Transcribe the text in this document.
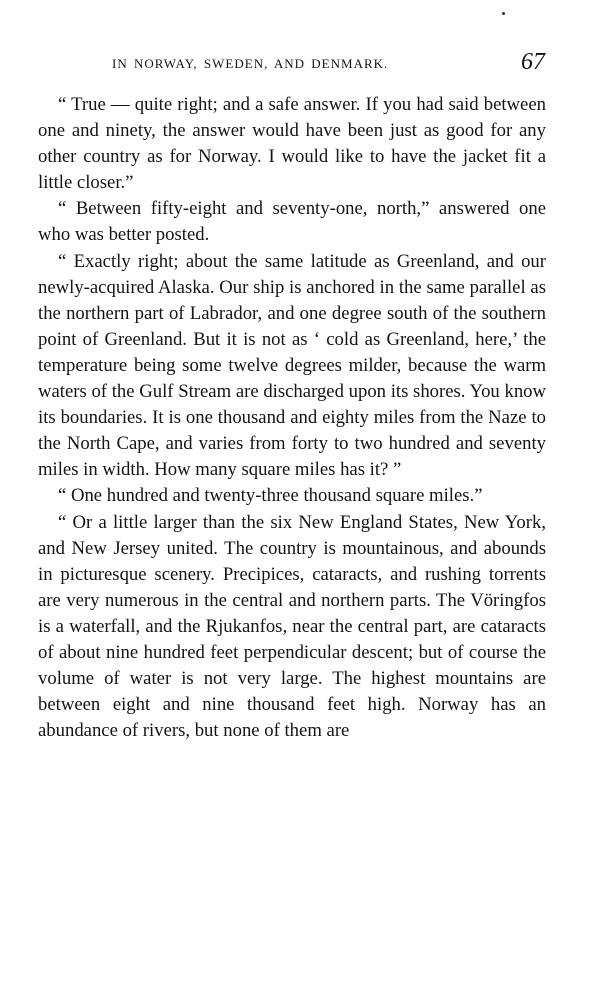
IN NORWAY, SWEDEN, AND DENMARK.	67

“ True — quite right; and a safe answer. If you had said between one and ninety, the answer would have been just as good for any other country as for Norway. I would like to have the jacket fit a little closer.”

“ Between fifty-eight and seventy-one, north,” answered one who was better posted.

“ Exactly right; about the same latitude as Greenland, and our newly-acquired Alaska. Our ship is anchored in the same parallel as the northern part of Labrador, and one degree south of the southern point of Greenland. But it is not as ‘ cold as Greenland, here,’ the temperature being some twelve degrees milder, because the warm waters of the Gulf Stream are discharged upon its shores. You know its boundaries. It is one thousand and eighty miles from the Naze to the North Cape, and varies from forty to two hundred and seventy miles in width. How many square miles has it? ”

“ One hundred and twenty-three thousand square miles.”

“ Or a little larger than the six New England States, New York, and New Jersey united. The country is mountainous, and abounds in picturesque scenery. Precipices, cataracts, and rushing torrents are very numerous in the central and northern parts. The Vöringfos is a waterfall, and the Rjukanfos, near the central part, are cataracts of about nine hundred feet perpendicular descent; but of course the volume of water is not very large. The highest mountains are between eight and nine thousand feet high. Norway has an abundance of rivers, but none of them are
